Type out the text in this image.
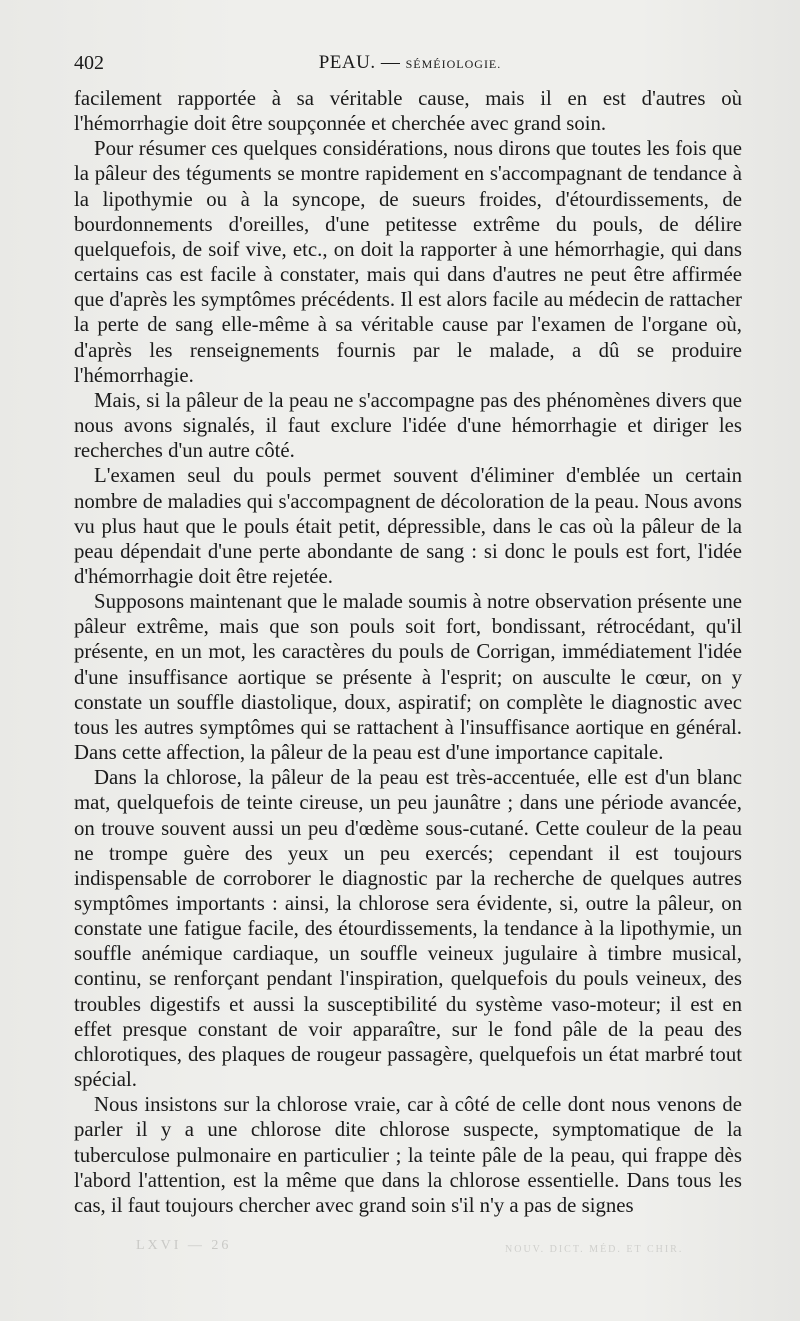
402	PEAU. — SÉMÉIOLOGIE.

facilement rapportée à sa véritable cause, mais il en est d'autres où l'hémorrhagie doit être soupçonnée et cherchée avec grand soin.

Pour résumer ces quelques considérations, nous dirons que toutes les fois que la pâleur des téguments se montre rapidement en s'accompagnant de tendance à la lipothymie ou à la syncope, de sueurs froides, d'étourdissements, de bourdonnements d'oreilles, d'une petitesse extrême du pouls, de délire quelquefois, de soif vive, etc., on doit la rapporter à une hémorrhagie, qui dans certains cas est facile à constater, mais qui dans d'autres ne peut être affirmée que d'après les symptômes précédents. Il est alors facile au médecin de rattacher la perte de sang elle-même à sa véritable cause par l'examen de l'organe où, d'après les renseignements fournis par le malade, a dû se produire l'hémorrhagie.

Mais, si la pâleur de la peau ne s'accompagne pas des phénomènes divers que nous avons signalés, il faut exclure l'idée d'une hémorrhagie et diriger les recherches d'un autre côté.

L'examen seul du pouls permet souvent d'éliminer d'emblée un certain nombre de maladies qui s'accompagnent de décoloration de la peau. Nous avons vu plus haut que le pouls était petit, dépressible, dans le cas où la pâleur de la peau dépendait d'une perte abondante de sang : si donc le pouls est fort, l'idée d'hémorrhagie doit être rejetée.

Supposons maintenant que le malade soumis à notre observation présente une pâleur extrême, mais que son pouls soit fort, bondissant, rétrocédant, qu'il présente, en un mot, les caractères du pouls de Corrigan, immédiatement l'idée d'une insuffisance aortique se présente à l'esprit; on ausculte le cœur, on y constate un souffle diastolique, doux, aspiratif; on complète le diagnostic avec tous les autres symptômes qui se rattachent à l'insuffisance aortique en général. Dans cette affection, la pâleur de la peau est d'une importance capitale.

Dans la chlorose, la pâleur de la peau est très-accentuée, elle est d'un blanc mat, quelquefois de teinte cireuse, un peu jaunâtre ; dans une période avancée, on trouve souvent aussi un peu d'œdème sous-cutané. Cette couleur de la peau ne trompe guère des yeux un peu exercés; cependant il est toujours indispensable de corroborer le diagnostic par la recherche de quelques autres symptômes importants : ainsi, la chlorose sera évidente, si, outre la pâleur, on constate une fatigue facile, des étourdissements, la tendance à la lipothymie, un souffle anémique cardiaque, un souffle veineux jugulaire à timbre musical, continu, se renforçant pendant l'inspiration, quelquefois du pouls veineux, des troubles digestifs et aussi la susceptibilité du système vaso-moteur; il est en effet presque constant de voir apparaître, sur le fond pâle de la peau des chlorotiques, des plaques de rougeur passagère, quelquefois un état marbré tout spécial.

Nous insistons sur la chlorose vraie, car à côté de celle dont nous venons de parler il y a une chlorose dite chlorose suspecte, symptomatique de la tuberculose pulmonaire en particulier ; la teinte pâle de la peau, qui frappe dès l'abord l'attention, est la même que dans la chlorose essentielle. Dans tous les cas, il faut toujours chercher avec grand soin s'il n'y a pas de signes

LXVI — 26	NOUV. DICT. MÉD. ET CHIR.
